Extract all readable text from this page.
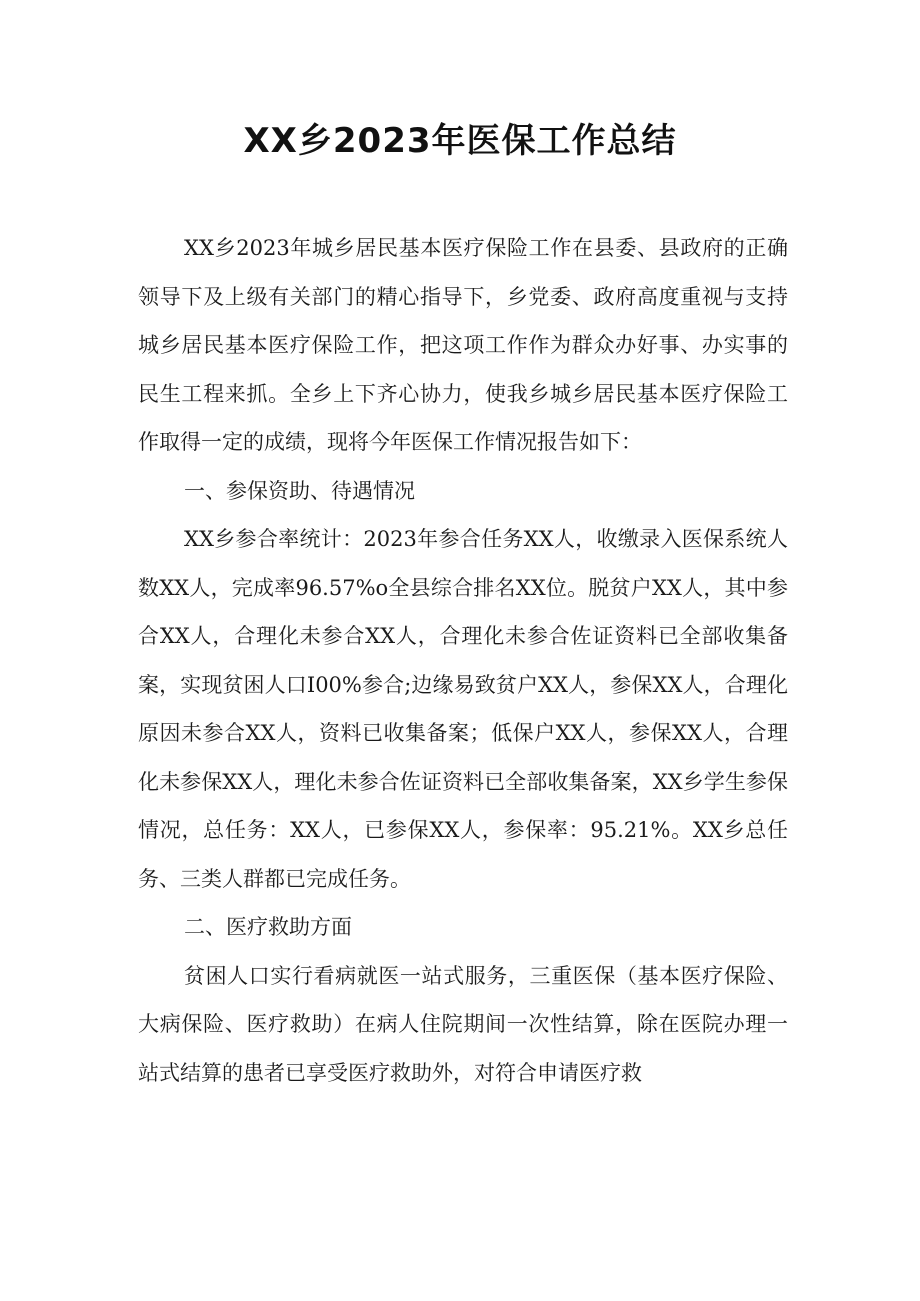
XX乡2023年医保工作总结

XX乡2023年城乡居民基本医疗保险工作在县委、县政府的正确领导下及上级有关部门的精心指导下，乡党委、政府高度重视与支持城乡居民基本医疗保险工作，把这项工作作为群众办好事、办实事的民生工程来抓。全乡上下齐心协力，使我乡城乡居民基本医疗保险工作取得一定的成绩，现将今年医保工作情况报告如下：

一、参保资助、待遇情况

XX乡参合率统计：2023年参合任务XX人，收缴录入医保系统人数XX人，完成率96.57%o全县综合排名XX位。脱贫户XX人，其中参合XX人，合理化未参合XX人，合理化未参合佐证资料已全部收集备案，实现贫困人口I00%参合;边缘易致贫户XX人，参保XX人，合理化原因未参合XX人，资料已收集备案；低保户XX人，参保XX人，合理化未参保XX人，理化未参合佐证资料已全部收集备案，XX乡学生参保情况，总任务：XX人，已参保XX人，参保率：95.21%。XX乡总任务、三类人群都已完成任务。

二、医疗救助方面

贫困人口实行看病就医一站式服务，三重医保（基本医疗保险、大病保险、医疗救助）在病人住院期间一次性结算，除在医院办理一站式结算的患者已享受医疗救助外，对符合申请医疗救
